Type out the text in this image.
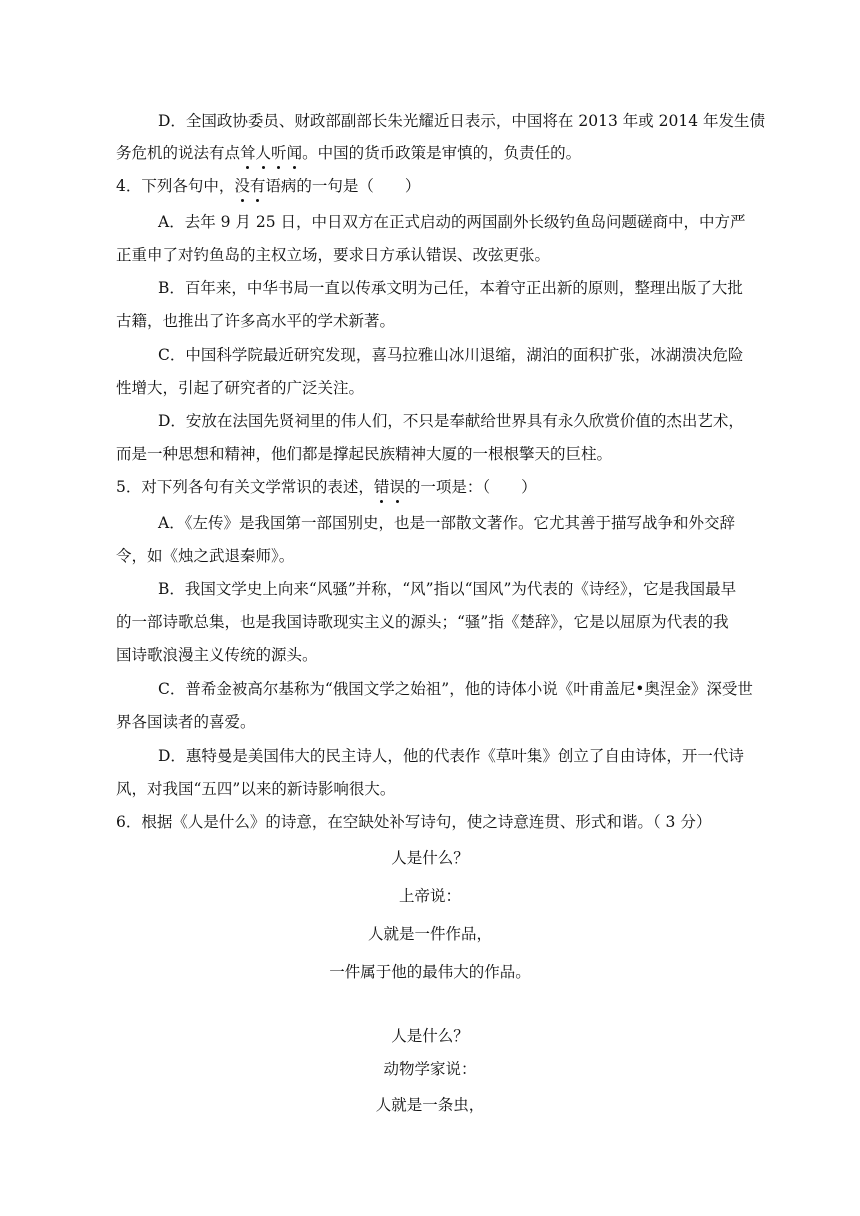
D．全国政协委员、财政部副部长朱光耀近日表示，中国将在 2013 年或 2014 年发生债
务危机的说法有点耸人听闻。中国的货币政策是审慎的，负责任的。
4．下列各句中，没有语病的一句是（　　）
A．去年 9 月 25 日，中日双方在正式启动的两国副外长级钓鱼岛问题磋商中，中方严
正重申了对钓鱼岛的主权立场，要求日方承认错误、改弦更张。
B．百年来，中华书局一直以传承文明为己任，本着守正出新的原则，整理出版了大批
古籍，也推出了许多高水平的学术新著。
C．中国科学院最近研究发现，喜马拉雅山冰川退缩，湖泊的面积扩张，冰湖溃决危险
性增大，引起了研究者的广泛关注。
D．安放在法国先贤祠里的伟人们，不只是奉献给世界具有永久欣赏价值的杰出艺术，
而是一种思想和精神，他们都是撑起民族精神大厦的一根根擎天的巨柱。
5．对下列各句有关文学常识的表述，错误的一项是：（　　）
A．《左传》是我国第一部国别史，也是一部散文著作。它尤其善于描写战争和外交辞
令，如《烛之武退秦师》。
B．我国文学史上向来“风骚”并称，“风”指以“国风”为代表的《诗经》，它是我国最早
的一部诗歌总集，也是我国诗歌现实主义的源头；“骚”指《楚辞》，它是以屈原为代表的我
国诗歌浪漫主义传统的源头。
C．普希金被高尔基称为“俄国文学之始祖”，他的诗体小说《叶甫盖尼•奥涅金》深受世
界各国读者的喜爱。
D．惠特曼是美国伟大的民主诗人，他的代表作《草叶集》创立了自由诗体，开一代诗
风，对我国“五四”以来的新诗影响很大。
6．根据《人是什么》的诗意，在空缺处补写诗句，使之诗意连贯、形式和谐。（ 3 分）
人是什么？
上帝说：
人就是一件作品，
一件属于他的最伟大的作品。
人是什么？
动物学家说：
人就是一条虫，
